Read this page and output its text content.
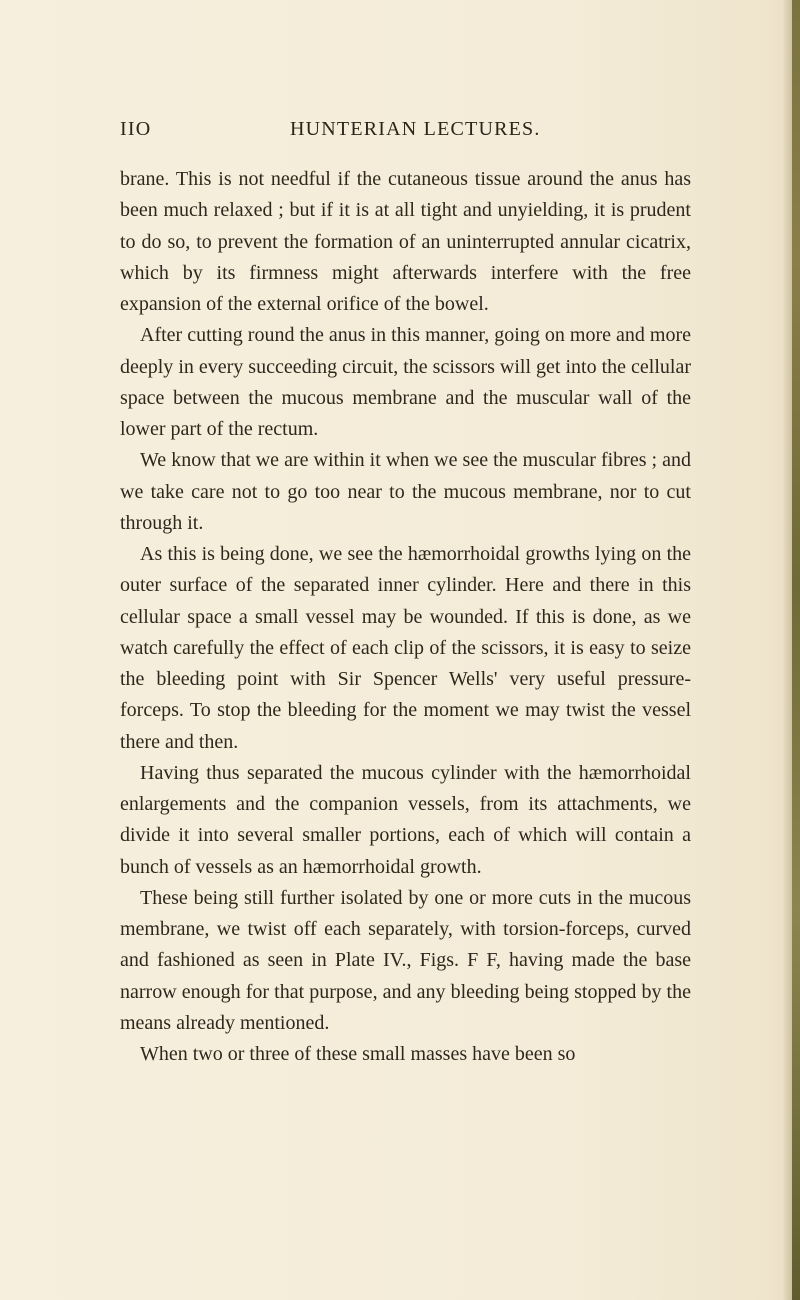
IIO	HUNTERIAN LECTURES.

brane. This is not needful if the cutaneous tissue around the anus has been much relaxed ; but if it is at all tight and unyielding, it is prudent to do so, to prevent the formation of an uninterrupted annular cicatrix, which by its firmness might afterwards interfere with the free expansion of the external orifice of the bowel.

After cutting round the anus in this manner, going on more and more deeply in every succeeding circuit, the scissors will get into the cellular space between the mucous membrane and the muscular wall of the lower part of the rectum.

We know that we are within it when we see the muscular fibres ; and we take care not to go too near to the mucous membrane, nor to cut through it.

As this is being done, we see the hæmorrhoidal growths lying on the outer surface of the separated inner cylinder. Here and there in this cellular space a small vessel may be wounded. If this is done, as we watch carefully the effect of each clip of the scissors, it is easy to seize the bleeding point with Sir Spencer Wells' very useful pressure-forceps. To stop the bleeding for the moment we may twist the vessel there and then.

Having thus separated the mucous cylinder with the hæmorrhoidal enlargements and the companion vessels, from its attachments, we divide it into several smaller portions, each of which will contain a bunch of vessels as an hæmorrhoidal growth.

These being still further isolated by one or more cuts in the mucous membrane, we twist off each separately, with torsion-forceps, curved and fashioned as seen in Plate IV., Figs. F F, having made the base narrow enough for that purpose, and any bleeding being stopped by the means already mentioned.

When two or three of these small masses have been so
